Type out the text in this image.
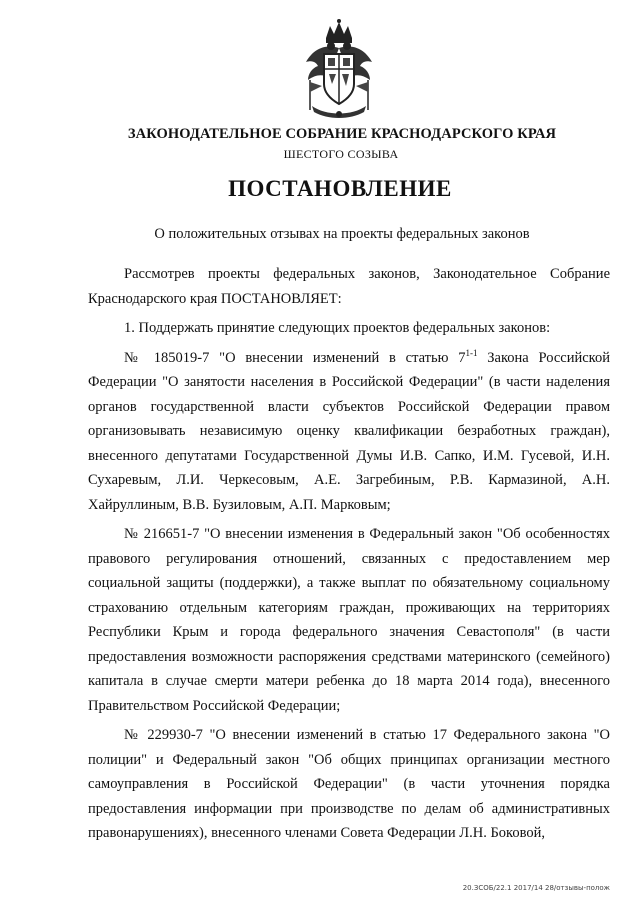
ЗАКОНОДАТЕЛЬНОЕ СОБРАНИЕ КРАСНОДАРСКОГО КРАЯ
ШЕСТОГО СОЗЫВА
ПОСТАНОВЛЕНИЕ
О положительных отзывах на проекты федеральных законов

Рассмотрев проекты федеральных законов, Законодательное Собрание Краснодарского края ПОСТАНОВЛЯЕТ:

1. Поддержать принятие следующих проектов федеральных законов:

№ 185019-7 "О внесении изменений в статью 7$^{1-1}$ Закона Российской Федерации "О занятости населения в Российской Федерации" (в части наделения органов государственной власти субъектов Российской Федерации правом организовывать независимую оценку квалификации безработных граждан), внесенного депутатами Государственной Думы И.В. Сапко, И.М. Гусевой, И.Н. Сухаревым, Л.И. Черкесовым, А.Е. Загребиным, Р.В. Кармазиной, А.Н. Хайруллиным, В.В. Бузиловым, А.П. Марковым;

№ 216651-7 "О внесении изменения в Федеральный закон "Об особенностях правового регулирования отношений, связанных с предоставлением мер социальной защиты (поддержки), а также выплат по обязательному социальному страхованию отдельным категориям граждан, проживающих на территориях Республики Крым и города федерального значения Севастополя" (в части предоставления возможности распоряжения средствами материнского (семейного) капитала в случае смерти матери ребенка до 18 марта 2014 года), внесенного Правительством Российской Федерации;

№ 229930-7 "О внесении изменений в статью 17 Федерального закона "О полиции" и Федеральный закон "Об общих принципах организации местного самоуправления в Российской Федерации" (в части уточнения порядка предоставления информации при производстве по делам об административных правонарушениях), внесенного членами Совета Федерации Л.Н. Боковой,

20.ЗСОБ/22.1 2017/14 28/отзывы-полож
